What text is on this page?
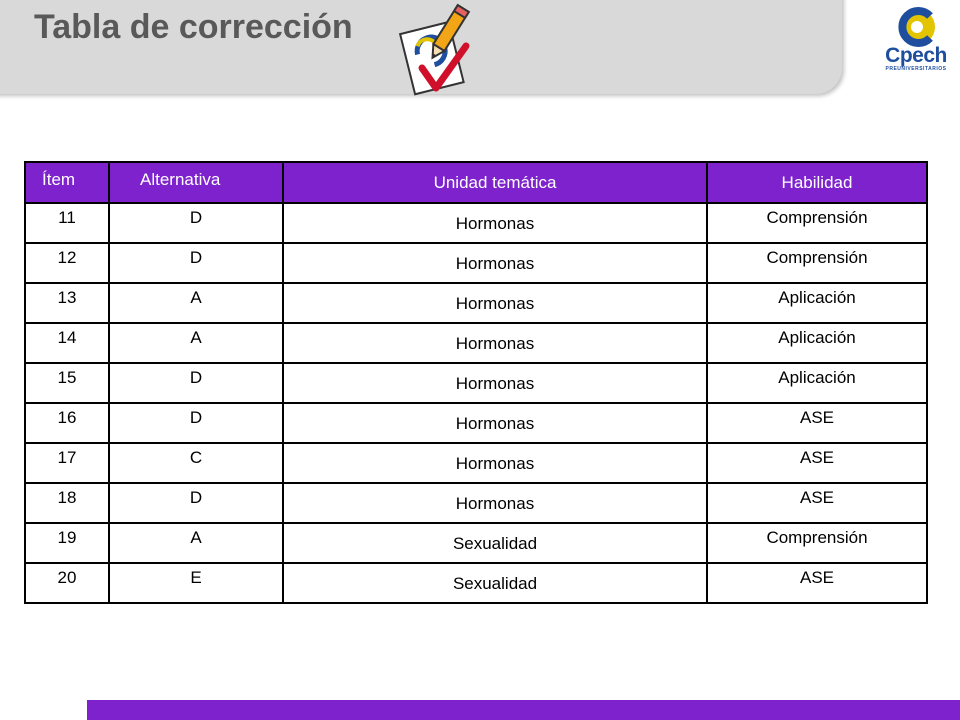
Tabla de corrección
Cpech
PREUNIVERSITARIOS
Ítem	Alternativa	Unidad temática	Habilidad
11	D	Hormonas	Comprensión
12	D	Hormonas	Comprensión
13	A	Hormonas	Aplicación
14	A	Hormonas	Aplicación
15	D	Hormonas	Aplicación
16	D	Hormonas	ASE
17	C	Hormonas	ASE
18	D	Hormonas	ASE
19	A	Sexualidad	Comprensión
20	E	Sexualidad	ASE
